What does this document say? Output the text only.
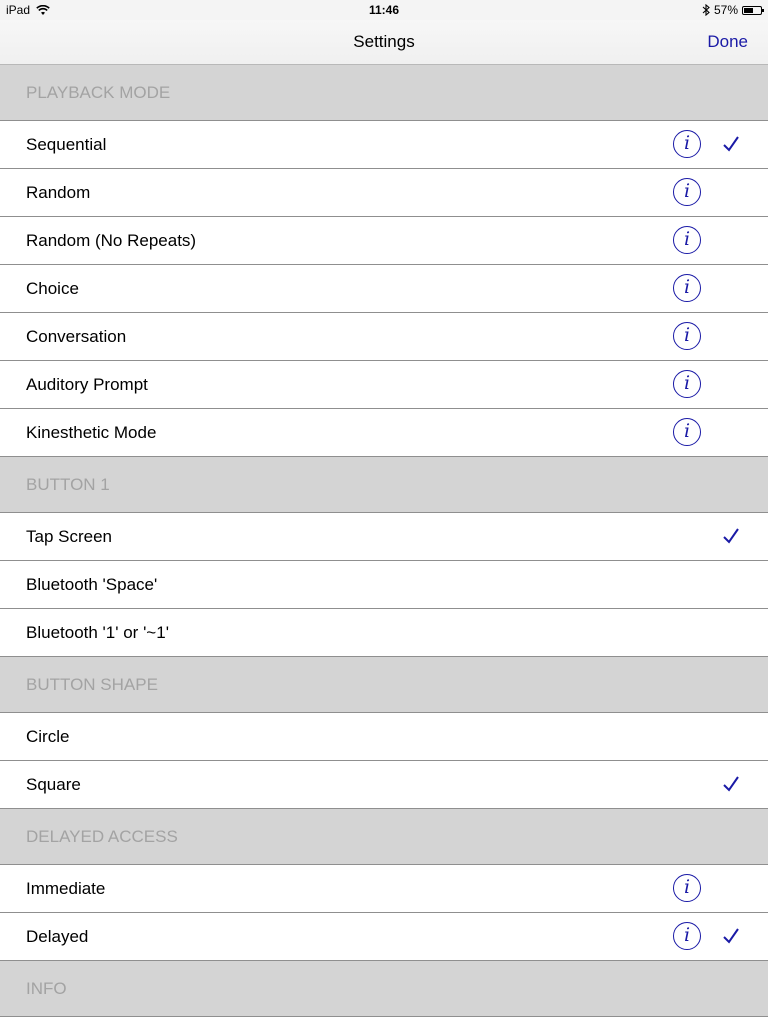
iPad	11:46	57%
Settings	Done
PLAYBACK MODE
Sequential	i
Random	i
Random (No Repeats)	i
Choice	i
Conversation	i
Auditory Prompt	i
Kinesthetic Mode	i
BUTTON 1
Tap Screen
Bluetooth 'Space'
Bluetooth '1' or '~1'
BUTTON SHAPE
Circle
Square
DELAYED ACCESS
Immediate	i
Delayed	i
INFO
